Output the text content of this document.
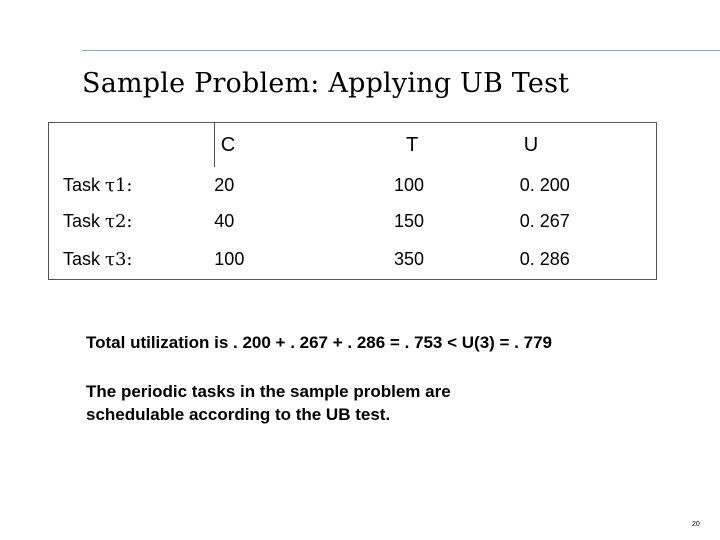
Sample Problem: Applying UB Test
	C	T	U
Task τ1:	20	100	0. 200
Task τ2:	40	150	0. 267
Task τ3:	100	350	0. 286
Total utilization is . 200 + . 267 + . 286 = . 753 < U(3) = . 779
The periodic tasks in the sample problem are
schedulable according to the UB test.
20
